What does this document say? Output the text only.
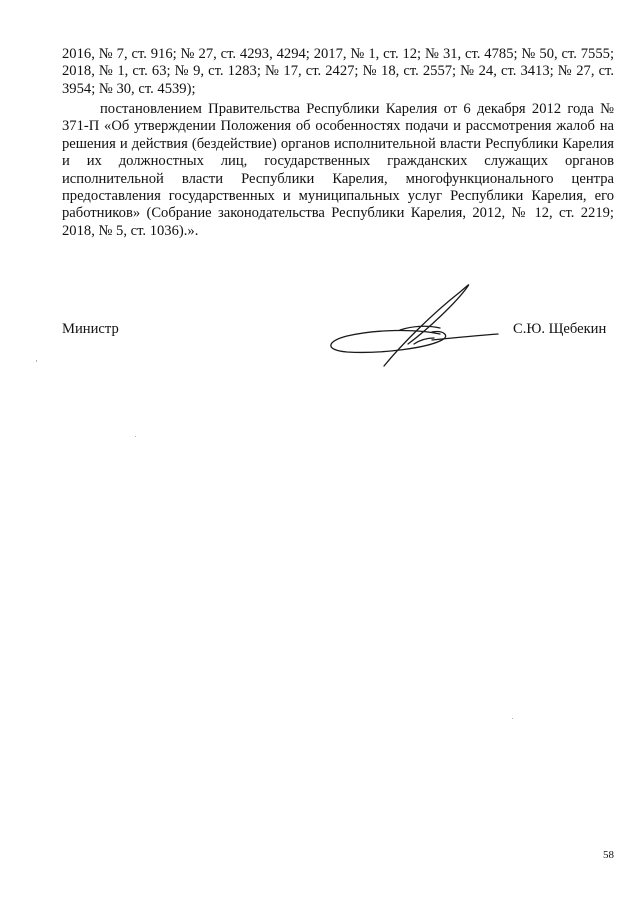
2016, № 7, ст. 916; № 27, ст. 4293, 4294; 2017, № 1, ст. 12; № 31, ст. 4785; № 50, ст. 7555; 2018, № 1, ст. 63; № 9, ст. 1283; № 17, ст. 2427; № 18, ст. 2557; № 24, ст. 3413; № 27, ст. 3954; № 30, ст. 4539);

постановлением Правительства Республики Карелия от 6 декабря 2012 года № 371-П «Об утверждении Положения об особенностях подачи и рассмотрения жалоб на решения и действия (бездействие) органов исполнительной власти Республики Карелия и их должностных лиц, государственных гражданских служащих органов исполнительной власти Республики Карелия, многофункционального центра предоставления государственных и муниципальных услуг Республики Карелия, его работников» (Собрание законодательства Республики Карелия, 2012, № 12, ст. 2219; 2018, № 5, ст. 1036).».

Министр	С.Ю. Щебекин
58
